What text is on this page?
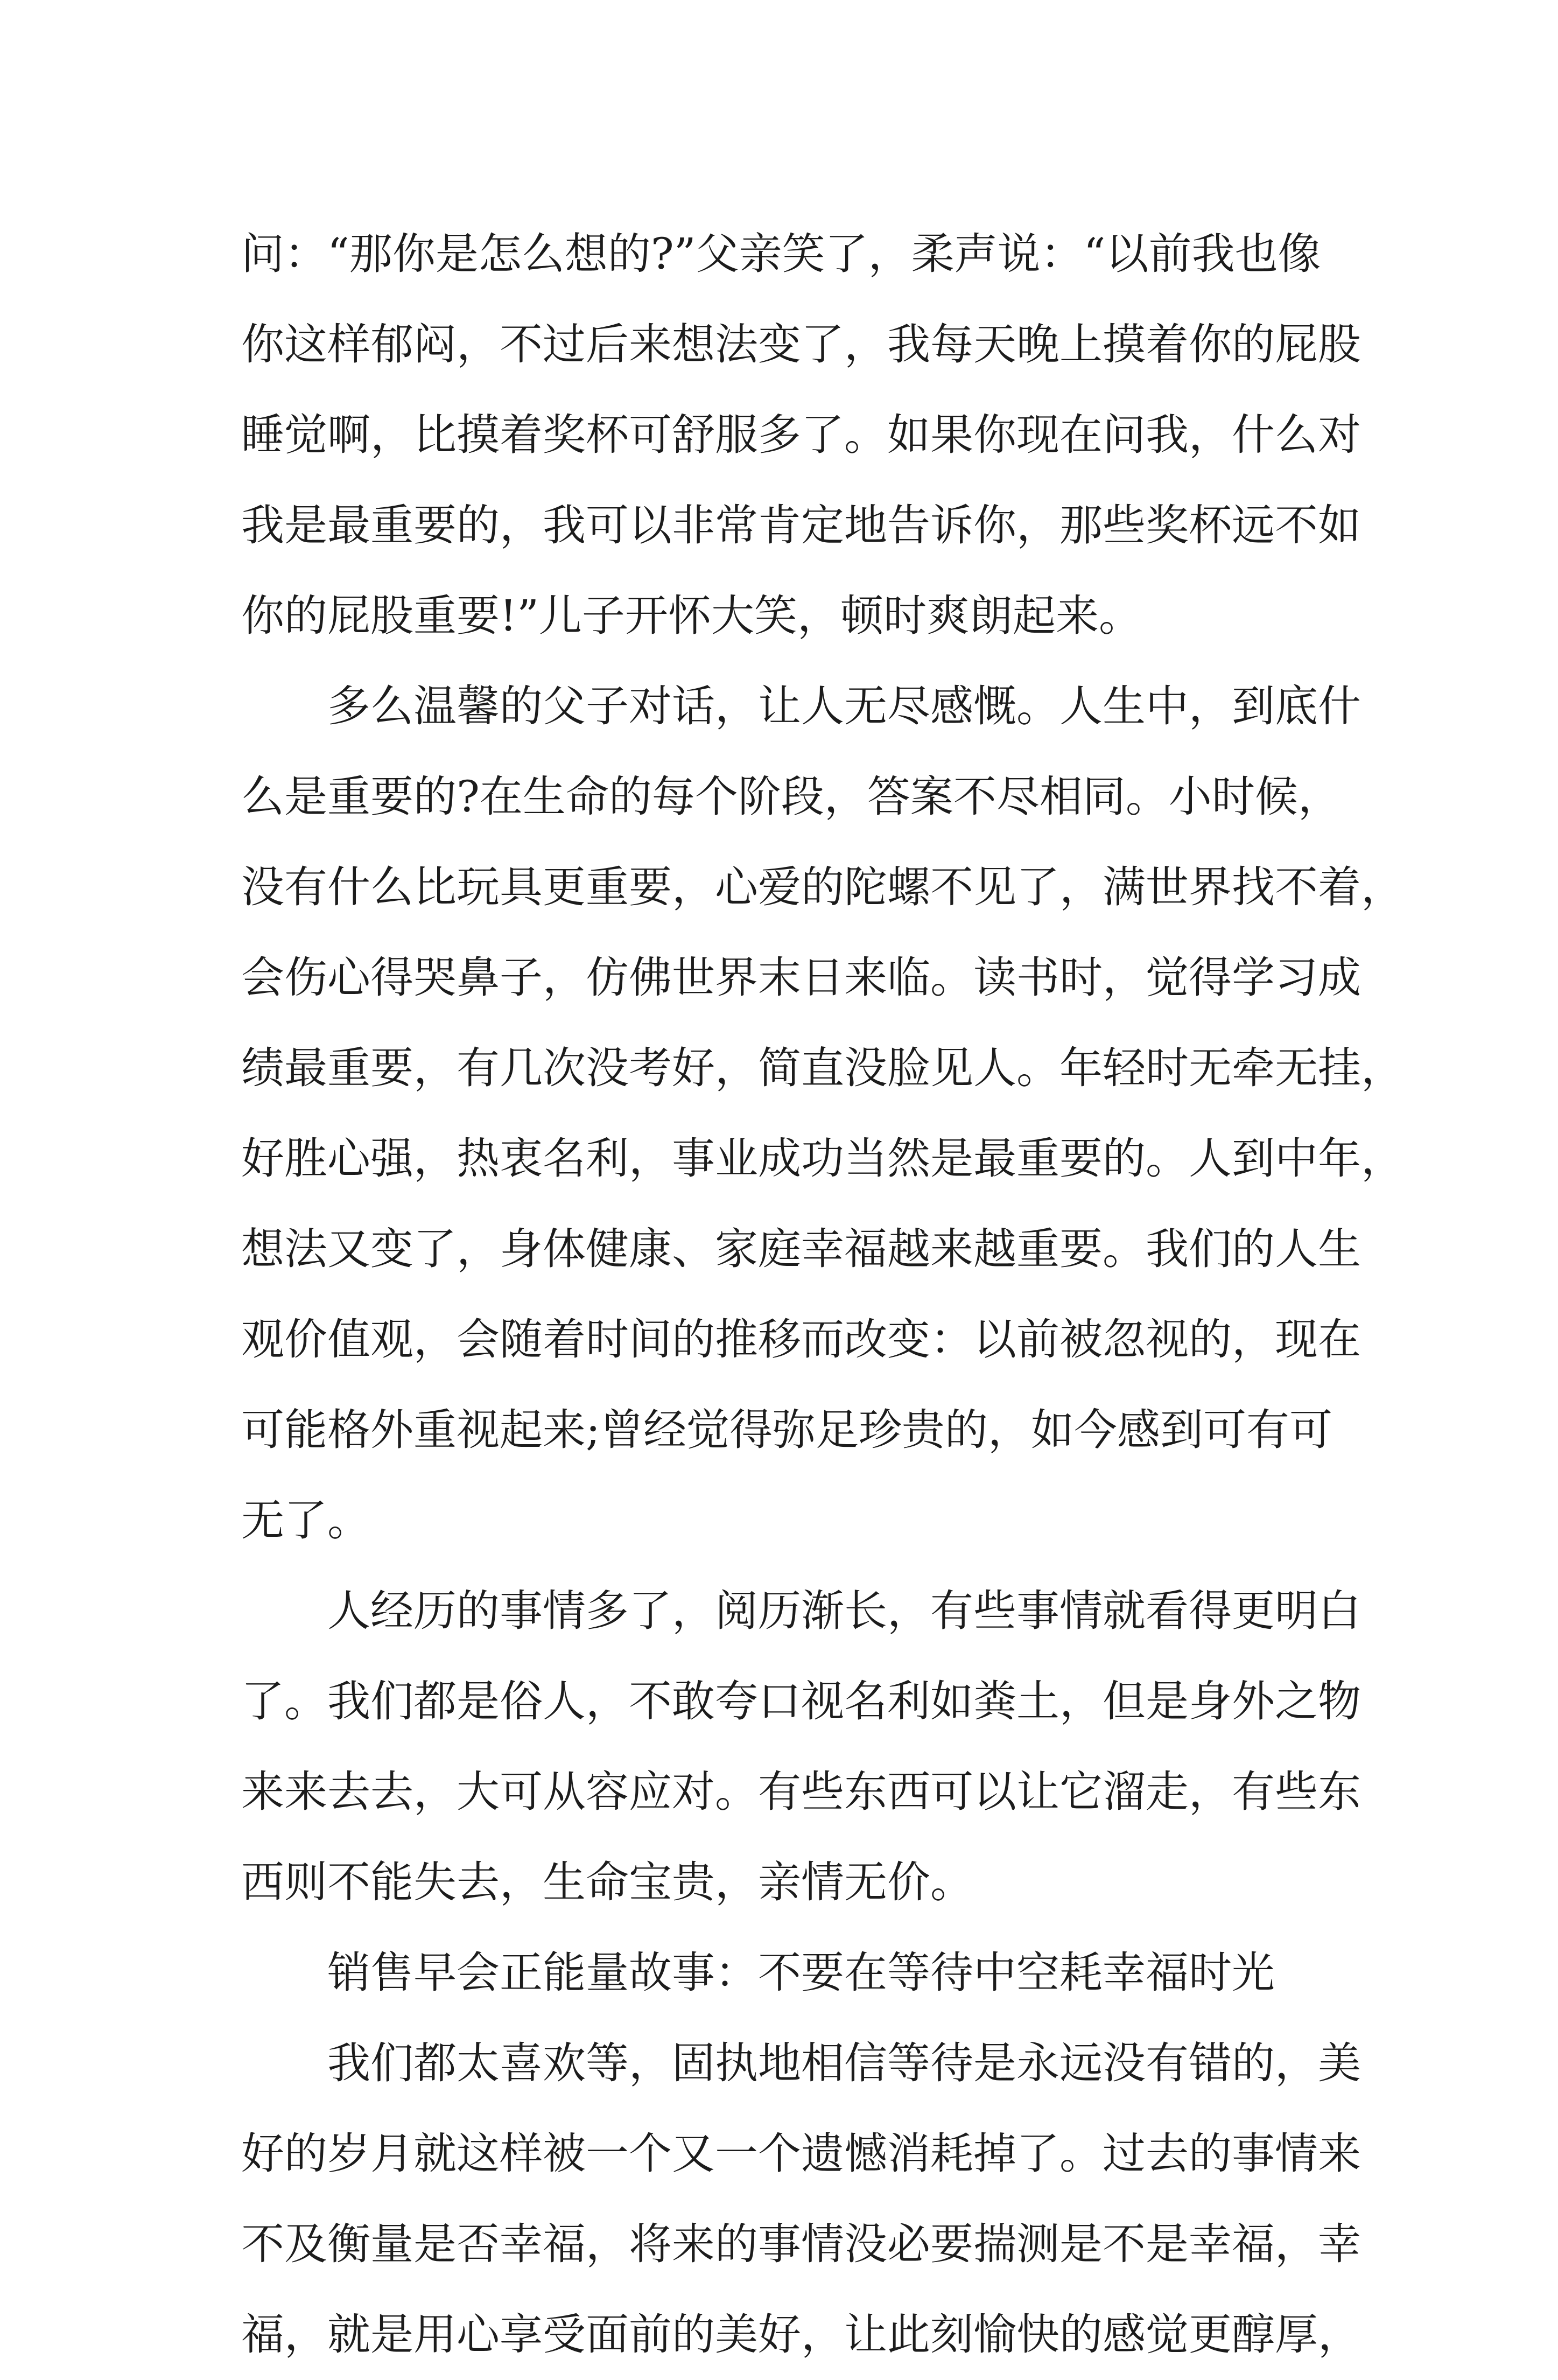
问：“那你是怎么想的?”父亲笑了，柔声说：“以前我也像
你这样郁闷，不过后来想法变了，我每天晚上摸着你的屁股
睡觉啊，比摸着奖杯可舒服多了。如果你现在问我，什么对
我是最重要的，我可以非常肯定地告诉你，那些奖杯远不如
你的屁股重要!”儿子开怀大笑，顿时爽朗起来。
多么温馨的父子对话，让人无尽感慨。人生中，到底什
么是重要的?在生命的每个阶段，答案不尽相同。小时候，
没有什么比玩具更重要，心爱的陀螺不见了，满世界找不着，
会伤心得哭鼻子，仿佛世界末日来临。读书时，觉得学习成
绩最重要，有几次没考好，简直没脸见人。年轻时无牵无挂，
好胜心强，热衷名利，事业成功当然是最重要的。人到中年，
想法又变了，身体健康、家庭幸福越来越重要。我们的人生
观价值观，会随着时间的推移而改变：以前被忽视的，现在
可能格外重视起来;曾经觉得弥足珍贵的，如今感到可有可
无了。
人经历的事情多了，阅历渐长，有些事情就看得更明白
了。我们都是俗人，不敢夸口视名利如粪土，但是身外之物
来来去去，大可从容应对。有些东西可以让它溜走，有些东
西则不能失去，生命宝贵，亲情无价。
销售早会正能量故事：不要在等待中空耗幸福时光
我们都太喜欢等，固执地相信等待是永远没有错的，美
好的岁月就这样被一个又一个遗憾消耗掉了。过去的事情来
不及衡量是否幸福，将来的事情没必要揣测是不是幸福，幸
福，就是用心享受面前的美好，让此刻愉快的感觉更醇厚，
